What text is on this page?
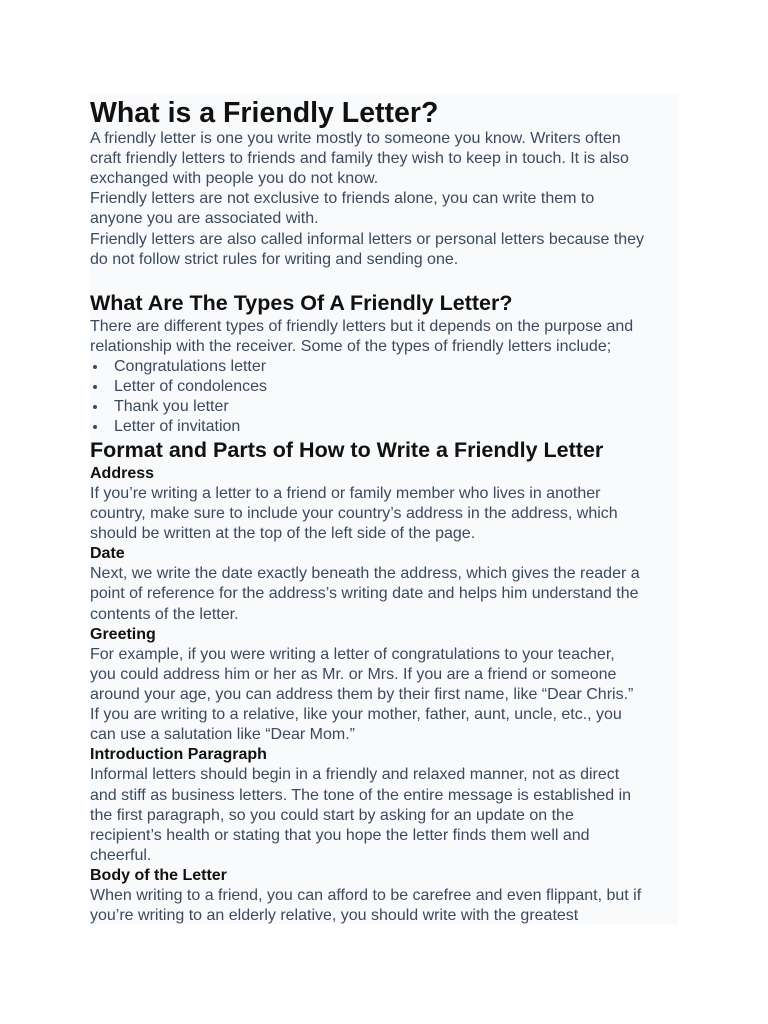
What is a Friendly Letter?

A friendly letter is one you write mostly to someone you know. Writers often

craft friendly letters to friends and family they wish to keep in touch. It is also

exchanged with people you do not know.

Friendly letters are not exclusive to friends alone, you can write them to

anyone you are associated with.

Friendly letters are also called informal letters or personal letters because they

do not follow strict rules for writing and sending one.

What Are The Types Of A Friendly Letter?

There are different types of friendly letters but it depends on the purpose and

relationship with the receiver. Some of the types of friendly letters include;

Congratulations letter
Letter of condolences
Thank you letter
Letter of invitation
Format and Parts of How to Write a Friendly Letter
Address

If you’re writing a letter to a friend or family member who lives in another

country, make sure to include your country’s address in the address, which

should be written at the top of the left side of the page.

Date

Next, we write the date exactly beneath the address, which gives the reader a

point of reference for the address’s writing date and helps him understand the

contents of the letter.

Greeting

For example, if you were writing a letter of congratulations to your teacher,

you could address him or her as Mr. or Mrs. If you are a friend or someone

around your age, you can address them by their first name, like “Dear Chris.”

If you are writing to a relative, like your mother, father, aunt, uncle, etc., you

can use a salutation like “Dear Mom.”

Introduction Paragraph

Informal letters should begin in a friendly and relaxed manner, not as direct

and stiff as business letters. The tone of the entire message is established in

the first paragraph, so you could start by asking for an update on the

recipient’s health or stating that you hope the letter finds them well and

cheerful.

Body of the Letter

When writing to a friend, you can afford to be carefree and even flippant, but if

you’re writing to an elderly relative, you should write with the greatest
